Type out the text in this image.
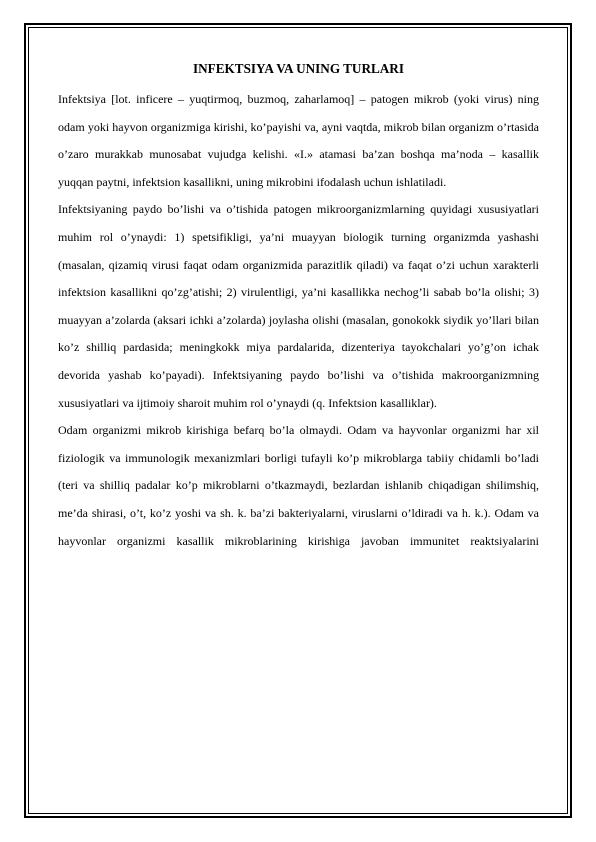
INFEKTSIYA VA UNING TURLARI

Infektsiya [lot. inficere – yuqtirmoq, buzmoq, zaharlamoq] – patogen mikrob (yoki virus) ning odam yoki hayvon organizmiga kirishi, ko’payishi va, ayni vaqtda, mikrob bilan organizm o’rtasida o’zaro murakkab munosabat vujudga kelishi. «I.» atamasi ba’zan boshqa ma’noda – kasallik yuqqan paytni, infektsion kasallikni, uning mikrobini ifodalash uchun ishlatiladi.

Infektsiyaning paydo bo’lishi va o’tishida patogen mikroorganizmlarning quyidagi xususiyatlari muhim rol o’ynaydi: 1) spetsifikligi, ya’ni muayyan biologik turning organizmda yashashi (masalan, qizamiq virusi faqat odam organizmida parazitlik qiladi) va faqat o’zi uchun xarakterli infektsion kasallikni qo’zg’atishi; 2) virulentligi, ya’ni kasallikka nechog’li sabab bo’la olishi; 3) muayyan a’zolarda (aksari ichki a’zolarda) joylasha olishi (masalan, gonokokk siydik yo’llari bilan ko’z shilliq pardasida; meningkokk miya pardalarida, dizenteriya tayokchalari yo’g’on ichak devorida yashab ko’payadi). Infektsiyaning paydo bo’lishi va o’tishida makroorganizmning xususiyatlari va ijtimoiy sharoit muhim rol o’ynaydi (q. Infektsion kasalliklar).

Odam organizmi mikrob kirishiga befarq bo’la olmaydi. Odam va hayvonlar organizmi har xil fiziologik va immunologik mexanizmlari borligi tufayli ko’p mikroblarga tabiiy chidamli bo’ladi (teri va shilliq padalar ko’p mikroblarni o’tkazmaydi, bezlardan ishlanib chiqadigan shilimshiq, me’da shirasi, o’t, ko’z yoshi va sh. k. ba’zi bakteriyalarni, viruslarni o’ldiradi va h. k.). Odam va hayvonlar organizmi kasallik mikroblarining kirishiga javoban immunitet reaktsiyalarini
